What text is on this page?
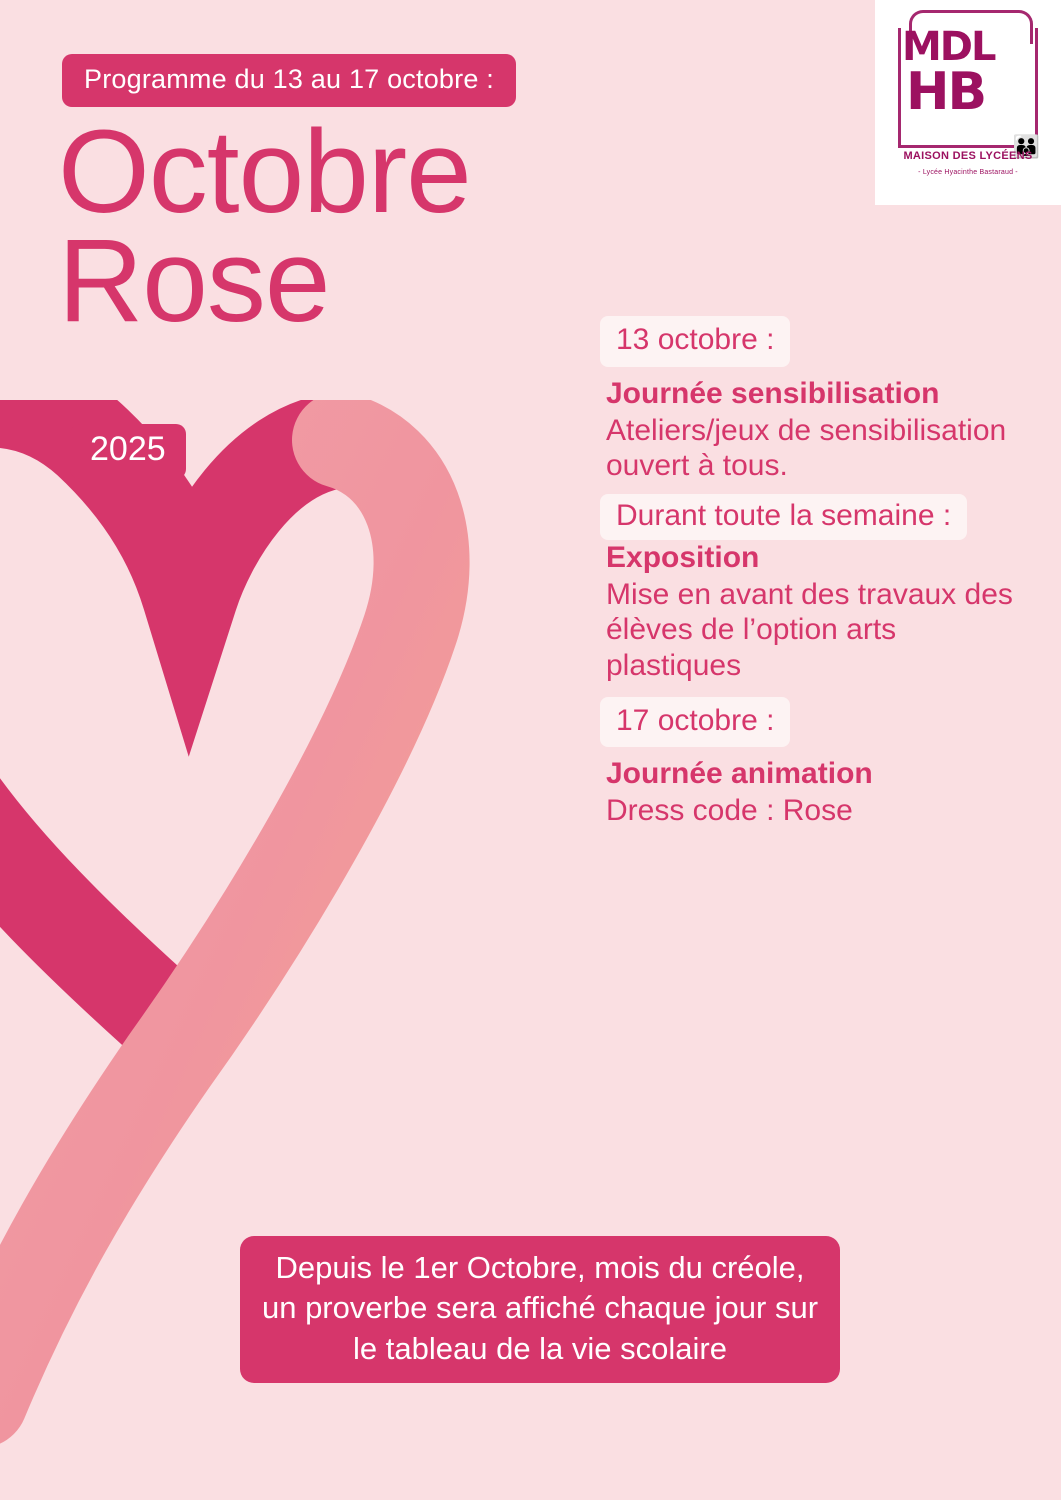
MDL
HB
👪
MAISON DES LYCÉENS
- Lycée Hyacinthe Bastaraud -
Programme du 13 au 17 octobre :
Octobre
Rose
2025
13 octobre :
Journée sensibilisation
Ateliers/jeux de sensibilisation ouvert à tous.
Durant toute la semaine :
Exposition
Mise en avant des travaux des élèves de l’option arts plastiques
17 octobre :
Journée animation
Dress code : Rose
Depuis le 1er Octobre, mois du créole, un proverbe sera affiché chaque jour sur le tableau de la vie scolaire
